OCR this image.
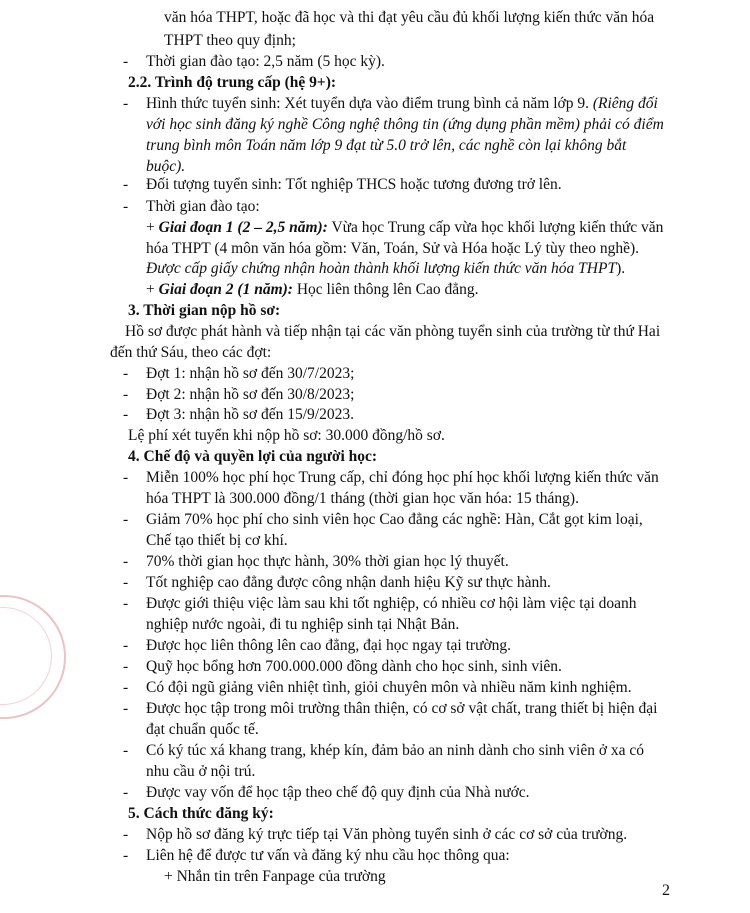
văn hóa THPT, hoặc đã học và thi đạt yêu cầu đủ khối lượng kiến thức văn hóa
THPT theo quy định;
- Thời gian đào tạo: 2,5 năm (5 học kỳ).
2.2. Trình độ trung cấp (hệ 9+):
- Hình thức tuyển sinh: Xét tuyển dựa vào điểm trung bình cả năm lớp 9. (Riêng đối
với học sinh đăng ký nghề Công nghệ thông tin (ứng dụng phần mềm) phải có điểm
trung bình môn Toán năm lớp 9 đạt từ 5.0 trở lên, các nghề còn lại không bắt
buộc).
- Đối tượng tuyển sinh: Tốt nghiệp THCS hoặc tương đương trở lên.
- Thời gian đào tạo:
+ Giai đoạn 1 (2 – 2,5 năm): Vừa học Trung cấp vừa học khối lượng kiến thức văn
hóa THPT (4 môn văn hóa gồm: Văn, Toán, Sử và Hóa hoặc Lý tùy theo nghề).
Được cấp giấy chứng nhận hoàn thành khối lượng kiến thức văn hóa THPT).
+ Giai đoạn 2 (1 năm): Học liên thông lên Cao đẳng.
3. Thời gian nộp hồ sơ:
Hồ sơ được phát hành và tiếp nhận tại các văn phòng tuyển sinh của trường từ thứ Hai
đến thứ Sáu, theo các đợt:
- Đợt 1: nhận hồ sơ đến 30/7/2023;
- Đợt 2: nhận hồ sơ đến 30/8/2023;
- Đợt 3: nhận hồ sơ đến 15/9/2023.
Lệ phí xét tuyển khi nộp hồ sơ: 30.000 đồng/hồ sơ.
4. Chế độ và quyền lợi của người học:
- Miễn 100% học phí học Trung cấp, chỉ đóng học phí học khối lượng kiến thức văn
hóa THPT là 300.000 đồng/1 tháng (thời gian học văn hóa: 15 tháng).
- Giảm 70% học phí cho sinh viên học Cao đẳng các nghề: Hàn, Cắt gọt kim loại,
Chế tạo thiết bị cơ khí.
- 70% thời gian học thực hành, 30% thời gian học lý thuyết.
- Tốt nghiệp cao đẳng được công nhận danh hiệu Kỹ sư thực hành.
- Được giới thiệu việc làm sau khi tốt nghiệp, có nhiều cơ hội làm việc tại doanh
nghiệp nước ngoài, đi tu nghiệp sinh tại Nhật Bản.
- Được học liên thông lên cao đẳng, đại học ngay tại trường.
- Quỹ học bổng hơn 700.000.000 đồng dành cho học sinh, sinh viên.
- Có đội ngũ giảng viên nhiệt tình, giỏi chuyên môn và nhiều năm kinh nghiệm.
- Được học tập trong môi trường thân thiện, có cơ sở vật chất, trang thiết bị hiện đại
đạt chuẩn quốc tế.
- Có ký túc xá khang trang, khép kín, đảm bảo an ninh dành cho sinh viên ở xa có
nhu cầu ở nội trú.
- Được vay vốn để học tập theo chế độ quy định của Nhà nước.
5. Cách thức đăng ký:
- Nộp hồ sơ đăng ký trực tiếp tại Văn phòng tuyển sinh ở các cơ sở của trường.
- Liên hệ để được tư vấn và đăng ký nhu cầu học thông qua:
+ Nhắn tin trên Fanpage của trường
2
